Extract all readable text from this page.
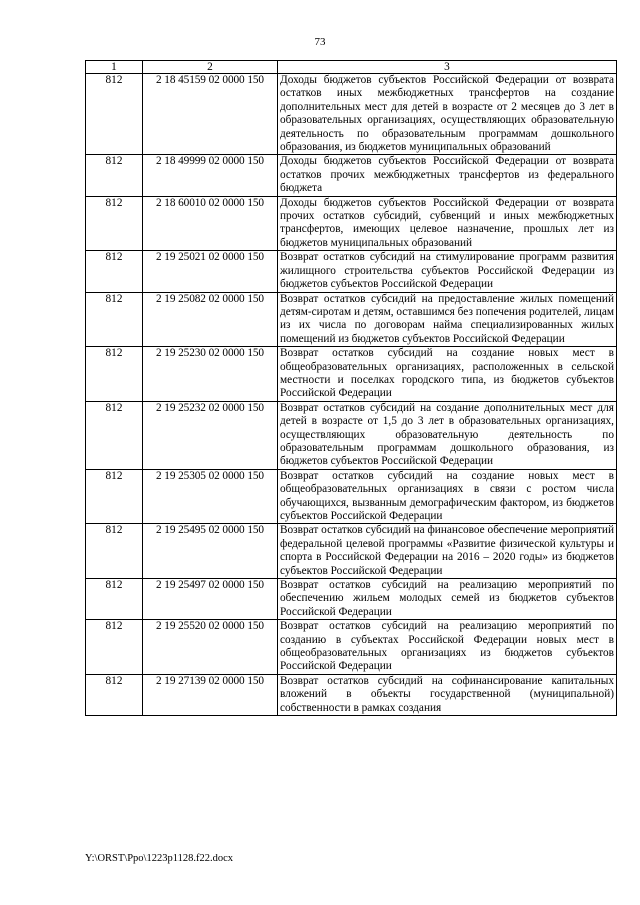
73
1	2	3
812	2 18 45159 02 0000 150	Доходы бюджетов субъектов Российской Федерации от возврата остатков иных межбюджетных трансфертов на создание дополнительных мест для детей в возрасте от 2 месяцев до 3 лет в образовательных организациях, осуществляющих образовательную деятельность по образовательным программам дошкольного образования, из бюджетов муниципальных образований
812	2 18 49999 02 0000 150	Доходы бюджетов субъектов Российской Федерации от возврата остатков прочих межбюджетных трансфертов из федерального бюджета
812	2 18 60010 02 0000 150	Доходы бюджетов субъектов Российской Федерации от возврата прочих остатков субсидий, субвенций и иных межбюджетных трансфертов, имеющих целевое назначение, прошлых лет из бюджетов муниципальных образований
812	2 19 25021 02 0000 150	Возврат остатков субсидий на стимулирование программ развития жилищного строительства субъектов Российской Федерации из бюджетов субъектов Российской Федерации
812	2 19 25082 02 0000 150	Возврат остатков субсидий на предоставление жилых помещений детям-сиротам и детям, оставшимся без попечения родителей, лицам из их числа по договорам найма специализированных жилых помещений из бюджетов субъектов Российской Федерации
812	2 19 25230 02 0000 150	Возврат остатков субсидий на создание новых мест в общеобразовательных организациях, расположенных в сельской местности и поселках городского типа, из бюджетов субъектов Российской Федерации
812	2 19 25232 02 0000 150	Возврат остатков субсидий на создание дополнительных мест для детей в возрасте от 1,5 до 3 лет в образовательных организациях, осуществляющих образовательную деятельность по образовательным программам дошкольного образования, из бюджетов субъектов Российской Федерации
812	2 19 25305 02 0000 150	Возврат остатков субсидий на создание новых мест в общеобразовательных организациях в связи с ростом числа обучающихся, вызванным демографическим фактором, из бюджетов субъектов Российской Федерации
812	2 19 25495 02 0000 150	Возврат остатков субсидий на финансовое обеспечение мероприятий федеральной целевой программы «Развитие физической культуры и спорта в Российской Федерации на 2016 – 2020 годы» из бюджетов субъектов Российской Федерации
812	2 19 25497 02 0000 150	Возврат остатков субсидий на реализацию мероприятий по обеспечению жильем молодых семей из бюджетов субъектов Российской Федерации
812	2 19 25520 02 0000 150	Возврат остатков субсидий на реализацию мероприятий по созданию в субъектах Российской Федерации новых мест в общеобразовательных организациях из бюджетов субъектов Российской Федерации
812	2 19 27139 02 0000 150	Возврат остатков субсидий на софинансирование капитальных вложений в объекты государственной (муниципальной) собственности в рамках создания
Y:\ORST\Ppo\1223p1128.f22.docx
